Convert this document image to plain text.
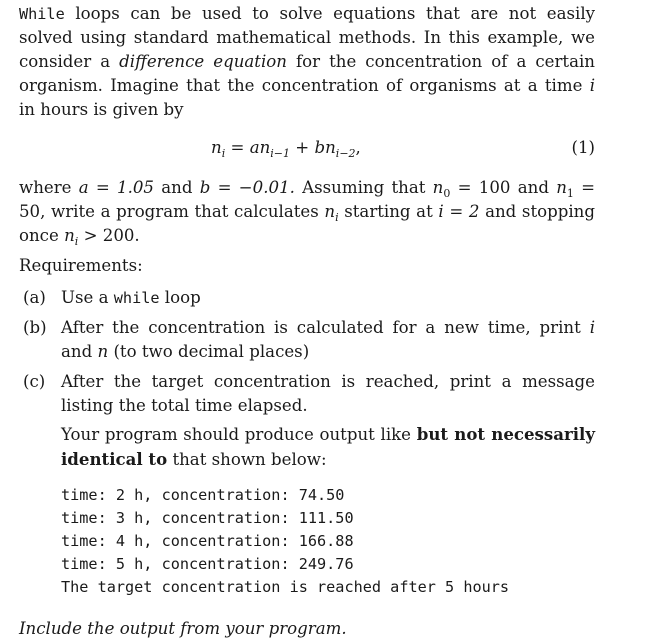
While loops can be used to solve equations that are not easily solved using standard mathematical methods. In this example, we consider a difference equation for the concentration of a certain organism. Imagine that the concentration of organisms at a time i in hours is given by

$n_i = an_{i-1} + bn_{i-2}$,	(1)

where a = 1.05 and b = −0.01. Assuming that $n_0 = 100$ and $n_1 = 50$, write a program that calculates $n_i$ starting at i = 2 and stopping once $n_i > 200$.

Requirements:
(a) Use a while loop
(b) After the concentration is calculated for a new time, print i and n (to two decimal places)
(c) After the target concentration is reached, print a message listing the total time elapsed.
Your program should produce output like but not necessarily identical to that shown below:
time: 2 h, concentration: 74.50
time: 3 h, concentration: 111.50
time: 4 h, concentration: 166.88
time: 5 h, concentration: 249.76
The target concentration is reached after 5 hours
Include the output from your program.
